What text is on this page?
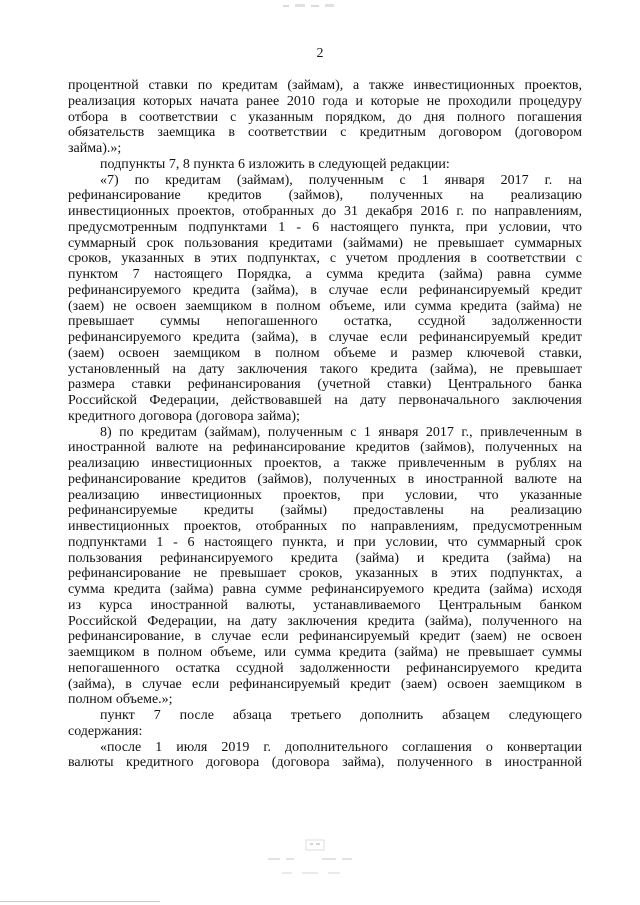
2
процентной ставки по кредитам (займам), а также инвестиционных проектов,
реализация которых начата ранее 2010 года и которые не проходили процедуру
отбора в соответствии с указанным порядком, до дня полного погашения
обязательств заемщика в соответствии с кредитным договором (договором
займа).»;
подпункты 7, 8 пункта 6 изложить в следующей редакции:
«7) по кредитам (займам), полученным с 1 января 2017 г. на
рефинансирование кредитов (займов), полученных на реализацию
инвестиционных проектов, отобранных до 31 декабря 2016 г. по направлениям,
предусмотренным подпунктами 1 - 6 настоящего пункта, при условии, что
суммарный срок пользования кредитами (займами) не превышает суммарных
сроков, указанных в этих подпунктах, с учетом продления в соответствии с
пунктом 7 настоящего Порядка, а сумма кредита (займа) равна сумме
рефинансируемого кредита (займа), в случае если рефинансируемый кредит
(заем) не освоен заемщиком в полном объеме, или сумма кредита (займа) не
превышает суммы непогашенного остатка, ссудной задолженности
рефинансируемого кредита (займа), в случае если рефинансируемый кредит
(заем) освоен заемщиком в полном объеме и размер ключевой ставки,
установленный на дату заключения такого кредита (займа), не превышает
размера ставки рефинансирования (учетной ставки) Центрального банка
Российской Федерации, действовавшей на дату первоначального заключения
кредитного договора (договора займа);
8) по кредитам (займам), полученным с 1 января 2017 г., привлеченным в
иностранной валюте на рефинансирование кредитов (займов), полученных на
реализацию инвестиционных проектов, а также привлеченным в рублях на
рефинансирование кредитов (займов), полученных в иностранной валюте на
реализацию инвестиционных проектов, при условии, что указанные
рефинансируемые кредиты (займы) предоставлены на реализацию
инвестиционных проектов, отобранных по направлениям, предусмотренным
подпунктами 1 - 6 настоящего пункта, и при условии, что суммарный срок
пользования рефинансируемого кредита (займа) и кредита (займа) на
рефинансирование не превышает сроков, указанных в этих подпунктах, а
сумма кредита (займа) равна сумме рефинансируемого кредита (займа) исходя
из курса иностранной валюты, устанавливаемого Центральным банком
Российской Федерации, на дату заключения кредита (займа), полученного на
рефинансирование, в случае если рефинансируемый кредит (заем) не освоен
заемщиком в полном объеме, или сумма кредита (займа) не превышает суммы
непогашенного остатка ссудной задолженности рефинансируемого кредита
(займа), в случае если рефинансируемый кредит (заем) освоен заемщиком в
полном объеме.»;
пункт 7 после абзаца третьего дополнить абзацем следующего
содержания:
«после 1 июля 2019 г. дополнительного соглашения о конвертации
валюты кредитного договора (договора займа), полученного в иностранной
